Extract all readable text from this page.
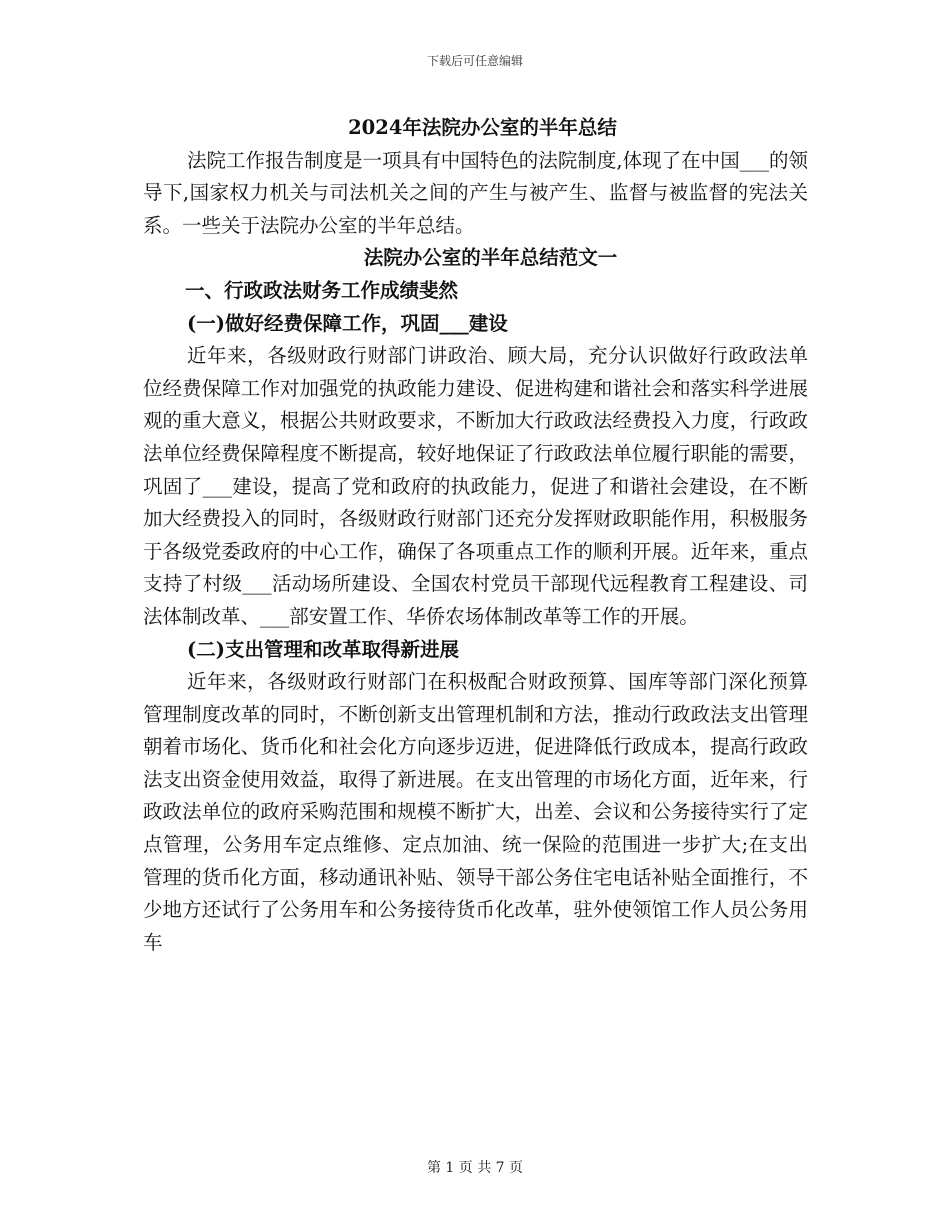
下载后可任意编辑
2024年法院办公室的半年总结

法院工作报告制度是一项具有中国特色的法院制度,体现了在中国___的领导下,国家权力机关与司法机关之间的产生与被产生、监督与被监督的宪法关系。一些关于法院办公室的半年总结。

法院办公室的半年总结范文一
一、行政政法财务工作成绩斐然
(一)做好经费保障工作，巩固___建设

近年来，各级财政行财部门讲政治、顾大局，充分认识做好行政政法单位经费保障工作对加强党的执政能力建设、促进构建和谐社会和落实科学进展观的重大意义，根据公共财政要求，不断加大行政政法经费投入力度，行政政法单位经费保障程度不断提高，较好地保证了行政政法单位履行职能的需要，巩固了___建设，提高了党和政府的执政能力，促进了和谐社会建设，在不断加大经费投入的同时，各级财政行财部门还充分发挥财政职能作用，积极服务于各级党委政府的中心工作，确保了各项重点工作的顺利开展。近年来，重点支持了村级___活动场所建设、全国农村党员干部现代远程教育工程建设、司法体制改革、___部安置工作、华侨农场体制改革等工作的开展。

(二)支出管理和改革取得新进展

近年来，各级财政行财部门在积极配合财政预算、国库等部门深化预算管理制度改革的同时，不断创新支出管理机制和方法，推动行政政法支出管理朝着市场化、货币化和社会化方向逐步迈进，促进降低行政成本，提高行政政法支出资金使用效益，取得了新进展。在支出管理的市场化方面，近年来，行政政法单位的政府采购范围和规模不断扩大，出差、会议和公务接待实行了定点管理，公务用车定点维修、定点加油、统一保险的范围进一步扩大;在支出管理的货币化方面，移动通讯补贴、领导干部公务住宅电话补贴全面推行，不少地方还试行了公务用车和公务接待货币化改革，驻外使领馆工作人员公务用车

第 1 页 共 7 页
